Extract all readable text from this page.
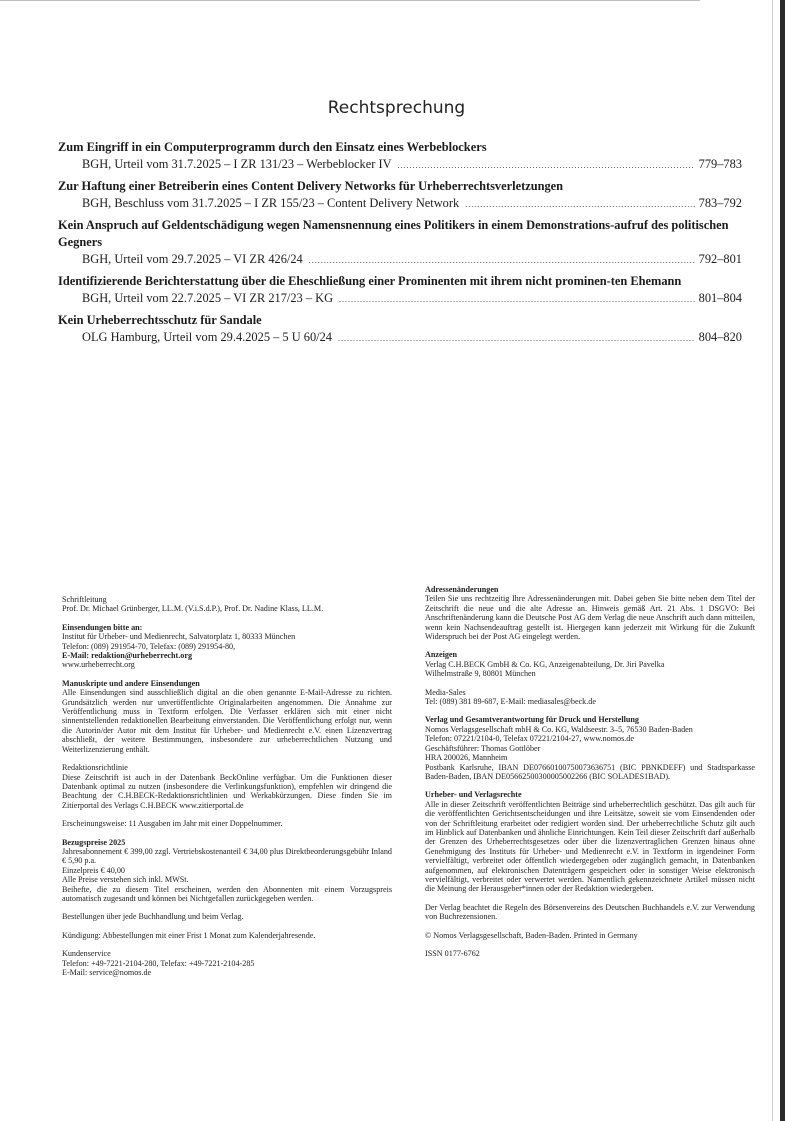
Rechtsprechung
Zum Eingriff in ein Computerprogramm durch den Einsatz eines Werbeblockers
BGH, Urteil vom 31.7.2025 – I ZR 131/23 – Werbeblocker IV .....	779–783
Zur Haftung einer Betreiberin eines Content Delivery Networks für Urheberrechtsverletzungen
BGH, Beschluss vom 31.7.2025 – I ZR 155/23 – Content Delivery Network .....	783–792
Kein Anspruch auf Geldentschädigung wegen Namensnennung eines Politikers in einem Demonstrations-aufruf des politischen Gegners
BGH, Urteil vom 29.7.2025 – VI ZR 426/24 .....	792–801
Identifizierende Berichterstattung über die Eheschließung einer Prominenten mit ihrem nicht prominen-ten Ehemann
BGH, Urteil vom 22.7.2025 – VI ZR 217/23 – KG .....	801–804
Kein Urheberrechtsschutz für Sandale
OLG Hamburg, Urteil vom 29.4.2025 – 5 U 60/24 .....	804–820
Schriftleitung
Prof. Dr. Michael Grünberger, LL.M. (V.i.S.d.P.), Prof. Dr. Nadine Klass, LL.M.
Einsendungen bitte an:
Institut für Urheber- und Medienrecht, Salvatorplatz 1, 80333 München
Telefon: (089) 291954-70, Telefax: (089) 291954-80,
E-Mail: redaktion@urheberrecht.org
www.urheberrecht.org
Manuskripte und andere Einsendungen
Alle Einsendungen sind ausschließlich digital an die oben genannte E-Mail-Adresse zu richten. Grundsätzlich werden nur unveröffentlichte Originalarbeiten angenommen. Die Annahme zur Veröffentlichung muss in Textform erfolgen. Die Verfasser erklären sich mit einer nicht sinnentstellenden redaktionellen Bearbeitung einverstanden. Die Veröffentlichung erfolgt nur, wenn die Autorin/der Autor mit dem Institut für Urheber- und Medienrecht e.V. einen Lizenzvertrag abschließt, der weitere Bestimmungen, insbesondere zur urheberrechtlichen Nutzung und Weiterlizenzierung enthält.
Redaktionsrichtlinie
Diese Zeitschrift ist auch in der Datenbank BeckOnline verfügbar. Um die Funktionen dieser Datenbank optimal zu nutzen (insbesondere die Verlinkungsfunktion), empfehlen wir dringend die Beachtung der C.H.BECK-Redaktionsrichtlinien und Werkabkürzungen. Diese finden Sie im Zitierportal des Verlags C.H.BECK www.zitierportal.de
Erscheinungsweise: 11 Ausgaben im Jahr mit einer Doppelnummer.
Bezugspreise 2025
Jahresabonnement € 399,00 zzgl. Vertriebskostenanteil € 34,00 plus Direktbeorderungsgebühr Inland € 5,90 p.a.
Einzelpreis € 40,00
Alle Preise verstehen sich inkl. MWSt.
Beihefte, die zu diesem Titel erscheinen, werden den Abonnenten mit einem Vorzugspreis automatisch zugesandt und können bei Nichtgefallen zurückgegeben werden.
Bestellungen über jede Buchhandlung und beim Verlag.
Kündigung: Abbestellungen mit einer Frist 1 Monat zum Kalenderjahresende.
Kundenservice
Telefon: +49-7221-2104-280, Telefax: +49-7221-2104-285
E-Mail: service@nomos.de
Adressenänderungen
Teilen Sie uns rechtzeitig Ihre Adressenänderungen mit. Dabei geben Sie bitte neben dem Titel der Zeitschrift die neue und die alte Adresse an. Hinweis gemäß Art. 21 Abs. 1 DSGVO: Bei Anschriftenänderung kann die Deutsche Post AG dem Verlag die neue Anschrift auch dann mitteilen, wenn kein Nachsendeauftrag gestellt ist. Hiergegen kann jederzeit mit Wirkung für die Zukunft Widerspruch bei der Post AG eingelegt werden.
Anzeigen
Verlag C.H.BECK GmbH & Co. KG, Anzeigenabteilung, Dr. Jiri Pavelka
Wilhelmstraße 9, 80801 München
Media-Sales
Tel: (089) 381 89-687, E-Mail: mediasales@beck.de
Verlag und Gesamtverantwortung für Druck und Herstellung
Nomos Verlagsgesellschaft mbH & Co. KG, Waldseestr. 3–5, 76530 Baden-Baden
Telefon: 07221/2104-0, Telefax 07221/2104-27, www.nomos.de
Geschäftsführer: Thomas Gottlöber
HRA 200026, Mannheim
Postbank Karlsruhe, IBAN DE07660100750073636751 (BIC PBNKDEFF) und Stadtsparkasse Baden-Baden, IBAN DE05662500300005002266 (BIC SOLADES1BAD).
Urheber- und Verlagsrechte
Alle in dieser Zeitschrift veröffentlichten Beiträge sind urheberrechtlich geschützt. Das gilt auch für die veröffentlichten Gerichtsentscheidungen und ihre Leitsätze, soweit sie vom Einsendenden oder von der Schriftleitung erarbeitet oder redigiert worden sind. Der urheberrechtliche Schutz gilt auch im Hinblick auf Datenbanken und ähnliche Einrichtungen. Kein Teil dieser Zeitschrift darf außerhalb der Grenzen des Urheberrechtsgesetzes oder über die lizenzvertraglichen Grenzen hinaus ohne Genehmigung des Instituts für Urheber- und Medienrecht e.V. in Textform in irgendeiner Form vervielfältigt, verbreitet oder öffentlich wiedergegeben oder zugänglich gemacht, in Datenbanken aufgenommen, auf elektronischen Datenträgern gespeichert oder in sonstiger Weise elektronisch vervielfältigt, verbreitet oder verwertet werden. Namentlich gekennzeichnete Artikel müssen nicht die Meinung der Herausgeber*innen oder der Redaktion wiedergeben.
Der Verlag beachtet die Regeln des Börsenvereins des Deutschen Buchhandels e.V. zur Verwendung von Buchrezensionen.
© Nomos Verlagsgesellschaft, Baden-Baden. Printed in Germany
ISSN 0177-6762
